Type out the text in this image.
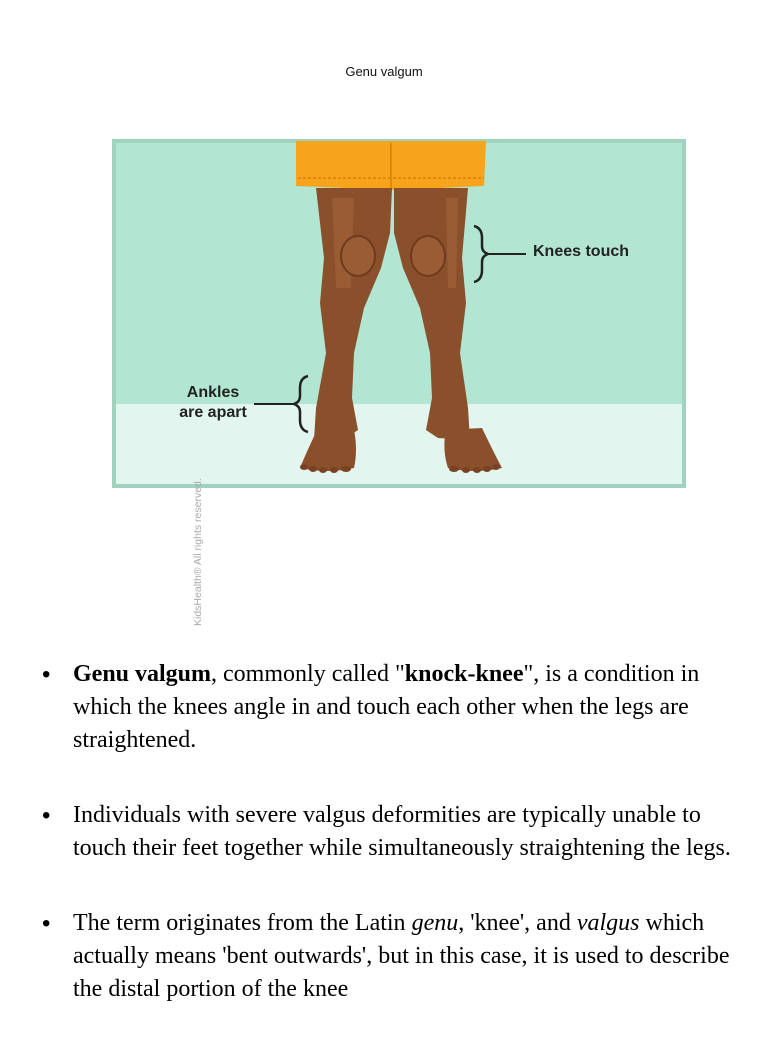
Genu valgum
Knees touch
Ankles
are apart
KidsHealth® All rights reserved.
• Genu valgum, commonly called "knock-knee", is a condition in which the knees angle in and touch each other when the legs are straightened.
• Individuals with severe valgus deformities are typically unable to touch their feet together while simultaneously straightening the legs.
• The term originates from the Latin genu, 'knee', and valgus which actually means 'bent outwards', but in this case, it is used to describe the distal portion of the knee
